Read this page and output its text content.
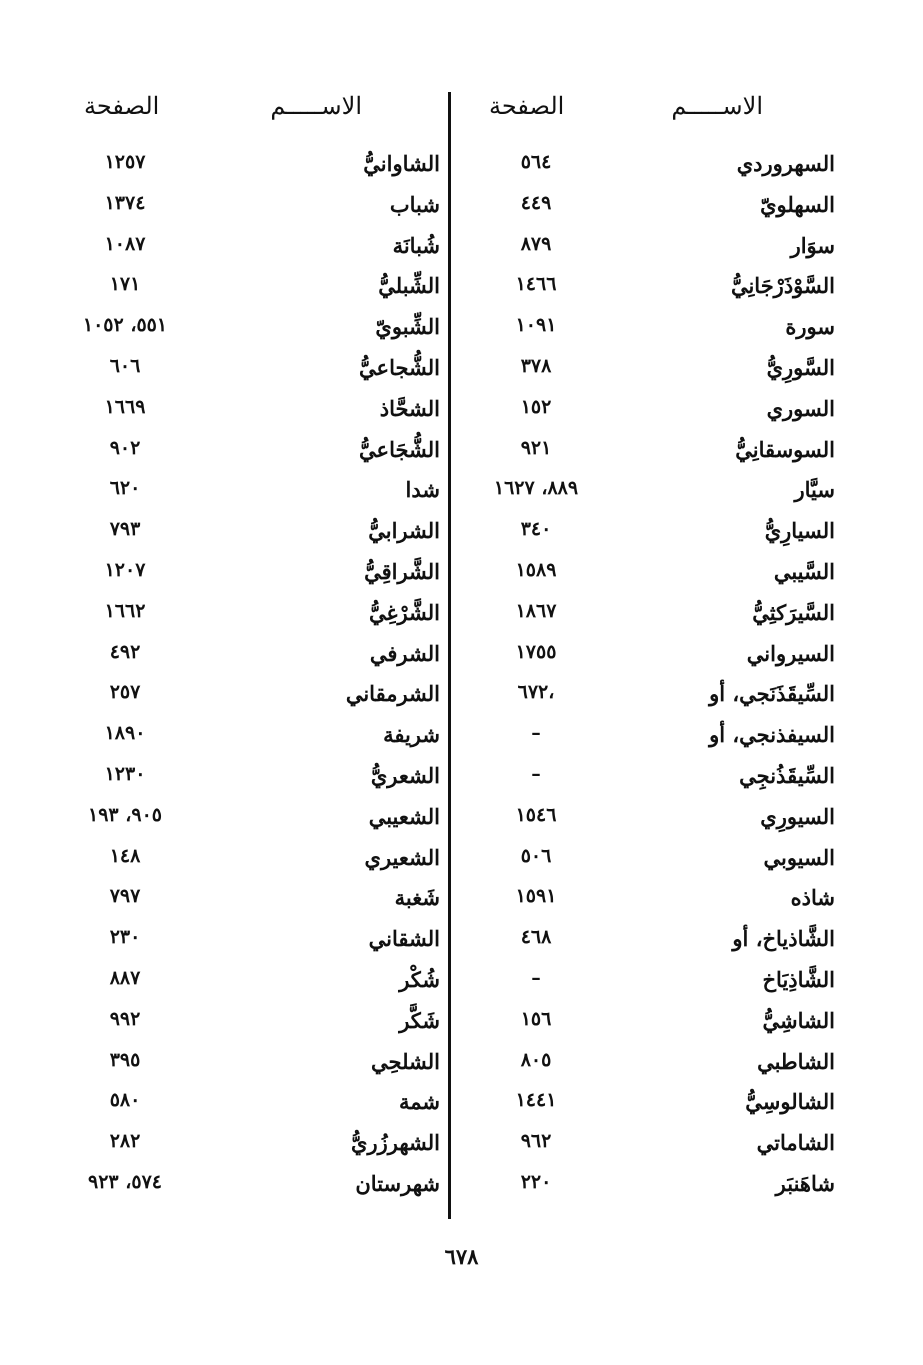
الاســـــم
الصفحة
السهروردي
٥٦٤
السهلويّ
٤٤٩
سوَار
٨٧٩
السَّوْذَرْجَانِيُّ
١٤٦٦
سورة
١٠٩١
السَّورِيُّ
٣٧٨
السوري
١٥٢
السوسقانِيُّ
٩٢١
سيَّار
٨٨٩، ١٦٢٧
السيارِيُّ
٣٤٠
السَّيبي
١٥٨٩
السَّيرَكثِيُّ
١٨٦٧
السيرواني
١٧٥٥
السِّيقَذَنَجي، أو
٦٧٢،
السيفذنجي، أو
–
السِّيقَذُنجِي
–
السيورِي
١٥٤٦
السيوبي
٥٠٦
شاذه
١٥٩١
الشَّاذياخ، أو
٤٦٨
الشَّاذِيَاخ
–
الشاشِيُّ
١٥٦
الشاطبي
٨٠٥
الشالوسِيُّ
١٤٤١
الشاماتي
٩٦٢
شاهَنبَر
٢٢٠
الاســـــم
الصفحة
الشاوانيُّ
١٢٥٧
شباب
١٣٧٤
شُبانَة
١٠٨٧
الشِّبليُّ
١٧١
الشِّبويّ
٥٥١، ١٠٥٢
الشُّجاعيُّ
٦٠٦
الشحَّاذ
١٦٦٩
الشُّجَاعيُّ
٩٠٢
شدا
٦٢٠
الشرابيُّ
٧٩٣
الشَّراقِيُّ
١٢٠٧
الشَّرْغِيُّ
١٦٦٢
الشرفي
٤٩٢
الشرمقاني
٢٥٧
شريفة
١٨٩٠
الشعريُّ
١٢٣٠
الشعيبي
٩٠٥، ١٩٣
الشعيري
١٤٨
شَغبة
٧٩٧
الشقاني
٢٣٠
شُكْر
٨٨٧
شَكَّر
٩٩٢
الشلحِي
٣٩٥
شمة
٥٨٠
الشهرزُريُّ
٢٨٢
شهرستان
٥٧٤، ٩٢٣
٦٧٨
